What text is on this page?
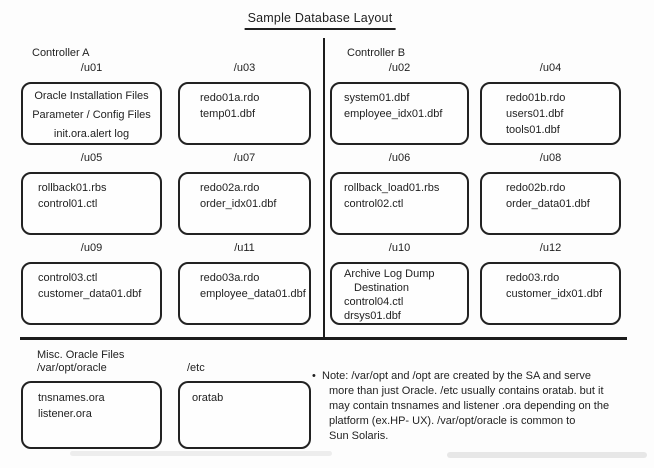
Sample Database Layout
Controller A	Controller B
/u01
Oracle Installation Files
Parameter / Config Files
init.ora.alert log
/u03
redo01a.rdo
temp01.dbf
/u02
system01.dbf
employee_idx01.dbf
/u04
redo01b.rdo
users01.dbf
tools01.dbf
/u05
rollback01.rbs
control01.ctl
/u07
redo02a.rdo
order_idx01.dbf
/u06
rollback_load01.rbs
control02.ctl
/u08
redo02b.rdo
order_data01.dbf
/u09
control03.ctl
customer_data01.dbf
/u11
redo03a.rdo
employee_data01.dbf
/u10
Archive Log Dump
Destination
control04.ctl
drsys01.dbf
/u12
redo03.rdo
customer_idx01.dbf
Misc. Oracle Files
/var/opt/oracle	/etc
tnsnames.ora
listener.ora
oratab
• Note: /var/opt and /opt are created by the SA and serve
more than just Oracle. /etc usually contains oratab. but it
may contain tnsnames and listener .ora depending on the
platform (ex.HP- UX). /var/opt/oracle is common to
Sun Solaris.
